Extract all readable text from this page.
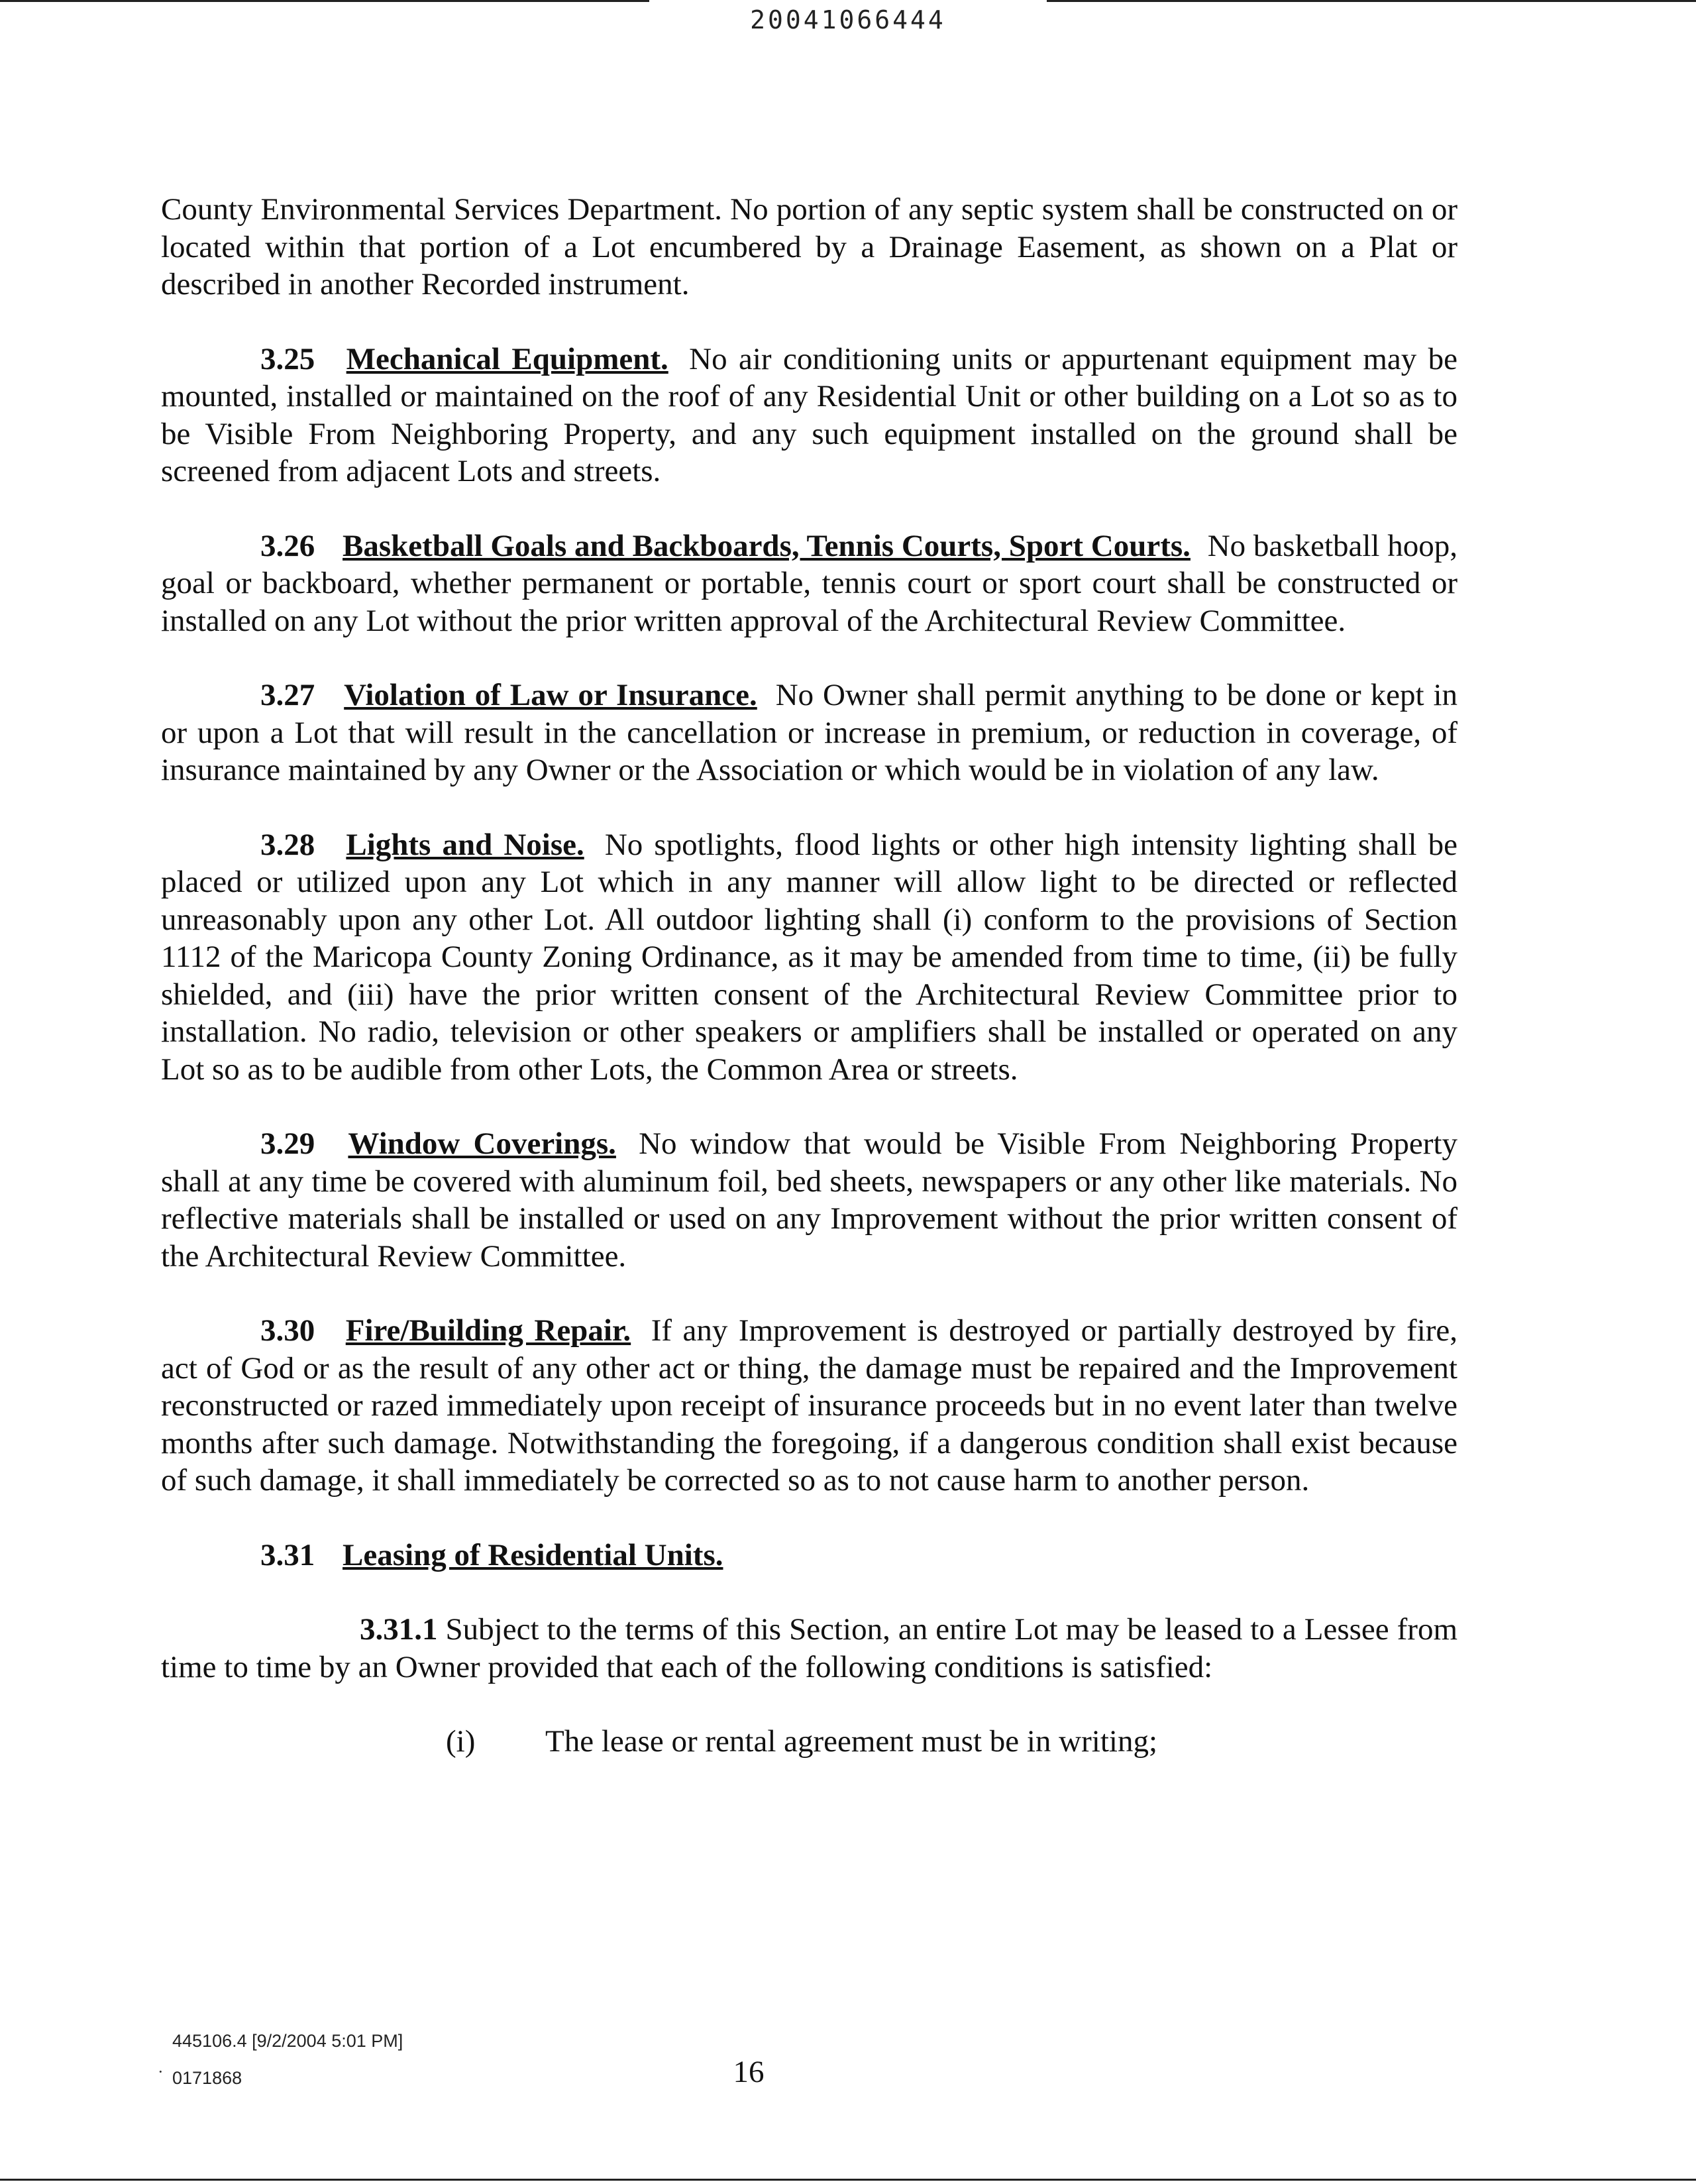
20041066444

County Environmental Services Department. No portion of any septic system shall be constructed on or located within that portion of a Lot encumbered by a Drainage Easement, as shown on a Plat or described in another Recorded instrument.

3.25 Mechanical Equipment. No air conditioning units or appurtenant equipment may be mounted, installed or maintained on the roof of any Residential Unit or other building on a Lot so as to be Visible From Neighboring Property, and any such equipment installed on the ground shall be screened from adjacent Lots and streets.

3.26 Basketball Goals and Backboards, Tennis Courts, Sport Courts. No basketball hoop, goal or backboard, whether permanent or portable, tennis court or sport court shall be constructed or installed on any Lot without the prior written approval of the Architectural Review Committee.

3.27 Violation of Law or Insurance. No Owner shall permit anything to be done or kept in or upon a Lot that will result in the cancellation or increase in premium, or reduction in coverage, of insurance maintained by any Owner or the Association or which would be in violation of any law.

3.28 Lights and Noise. No spotlights, flood lights or other high intensity lighting shall be placed or utilized upon any Lot which in any manner will allow light to be directed or reflected unreasonably upon any other Lot. All outdoor lighting shall (i) conform to the provisions of Section 1112 of the Maricopa County Zoning Ordinance, as it may be amended from time to time, (ii) be fully shielded, and (iii) have the prior written consent of the Architectural Review Committee prior to installation. No radio, television or other speakers or amplifiers shall be installed or operated on any Lot so as to be audible from other Lots, the Common Area or streets.

3.29 Window Coverings. No window that would be Visible From Neighboring Property shall at any time be covered with aluminum foil, bed sheets, newspapers or any other like materials. No reflective materials shall be installed or used on any Improvement without the prior written consent of the Architectural Review Committee.

3.30 Fire/Building Repair. If any Improvement is destroyed or partially destroyed by fire, act of God or as the result of any other act or thing, the damage must be repaired and the Improvement reconstructed or razed immediately upon receipt of insurance proceeds but in no event later than twelve months after such damage. Notwithstanding the foregoing, if a dangerous condition shall exist because of such damage, it shall immediately be corrected so as to not cause harm to another person.

3.31 Leasing of Residential Units.

3.31.1 Subject to the terms of this Section, an entire Lot may be leased to a Lessee from time to time by an Owner provided that each of the following conditions is satisfied:

(i)	The lease or rental agreement must be in writing;
445106.4 [9/2/2004 5:01 PM]
0171868
·	16
